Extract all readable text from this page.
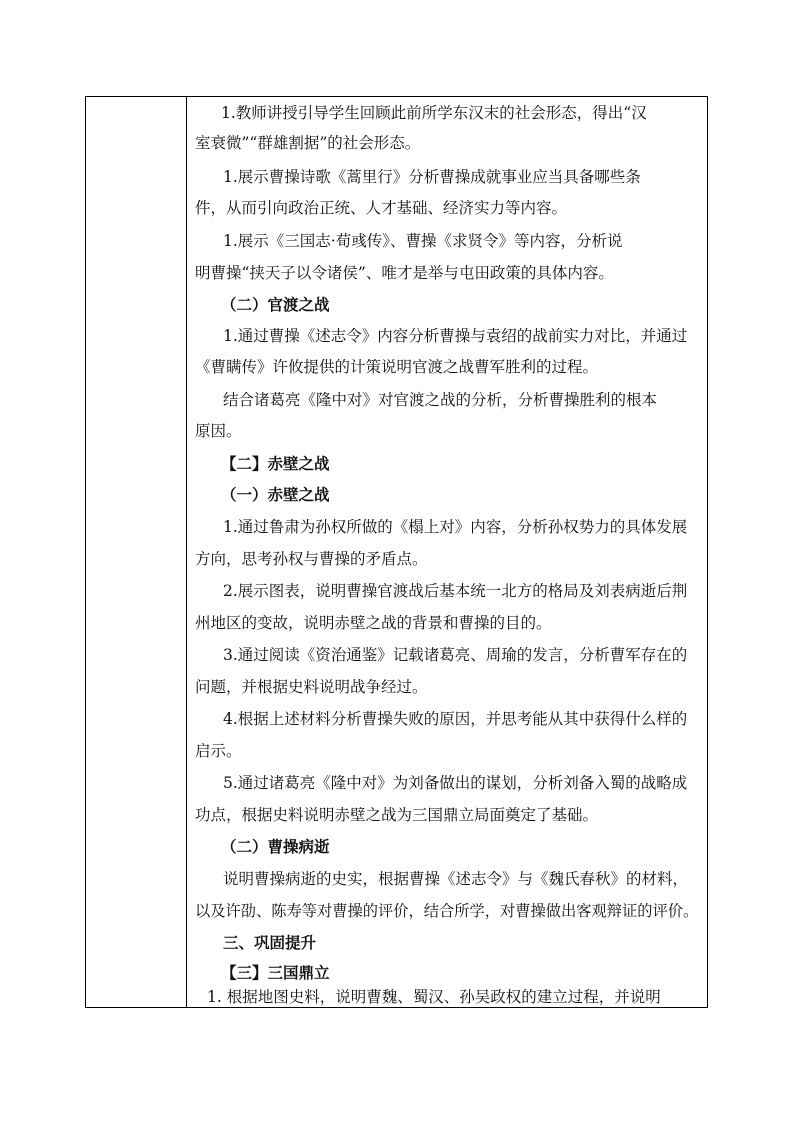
1.教师讲授引导学生回顾此前所学东汉末的社会形态，得出“汉
室衰微”“群雄割据”的社会形态。
1.展示曹操诗歌《蒿里行》分析曹操成就事业应当具备哪些条
件，从而引向政治正统、人才基础、经济实力等内容。
1.展示《三国志·荀彧传》、曹操《求贤令》等内容，分析说
明曹操“挟天子以令诸侯”、唯才是举与屯田政策的具体内容。
（二）官渡之战
1.通过曹操《述志令》内容分析曹操与袁绍的战前实力对比，并通过
《曹瞒传》许攸提供的计策说明官渡之战曹军胜利的过程。
结合诸葛亮《隆中对》对官渡之战的分析，分析曹操胜利的根本
原因。
【二】赤壁之战
（一）赤壁之战
1.通过鲁肃为孙权所做的《榻上对》内容，分析孙权势力的具体发展
方向，思考孙权与曹操的矛盾点。
2.展示图表，说明曹操官渡战后基本统一北方的格局及刘表病逝后荆
州地区的变故，说明赤壁之战的背景和曹操的目的。
3.通过阅读《资治通鉴》记载诸葛亮、周瑜的发言，分析曹军存在的
问题，并根据史料说明战争经过。
4.根据上述材料分析曹操失败的原因，并思考能从其中获得什么样的
启示。
5.通过诸葛亮《隆中对》为刘备做出的谋划，分析刘备入蜀的战略成
功点，根据史料说明赤壁之战为三国鼎立局面奠定了基础。
（二）曹操病逝
说明曹操病逝的史实，根据曹操《述志令》与《魏氏春秋》的材料，
以及许劭、陈寿等对曹操的评价，结合所学，对曹操做出客观辩证的评价。
三、巩固提升
【三】三国鼎立
1. 根据地图史料，说明曹魏、蜀汉、孙吴政权的建立过程，并说明
